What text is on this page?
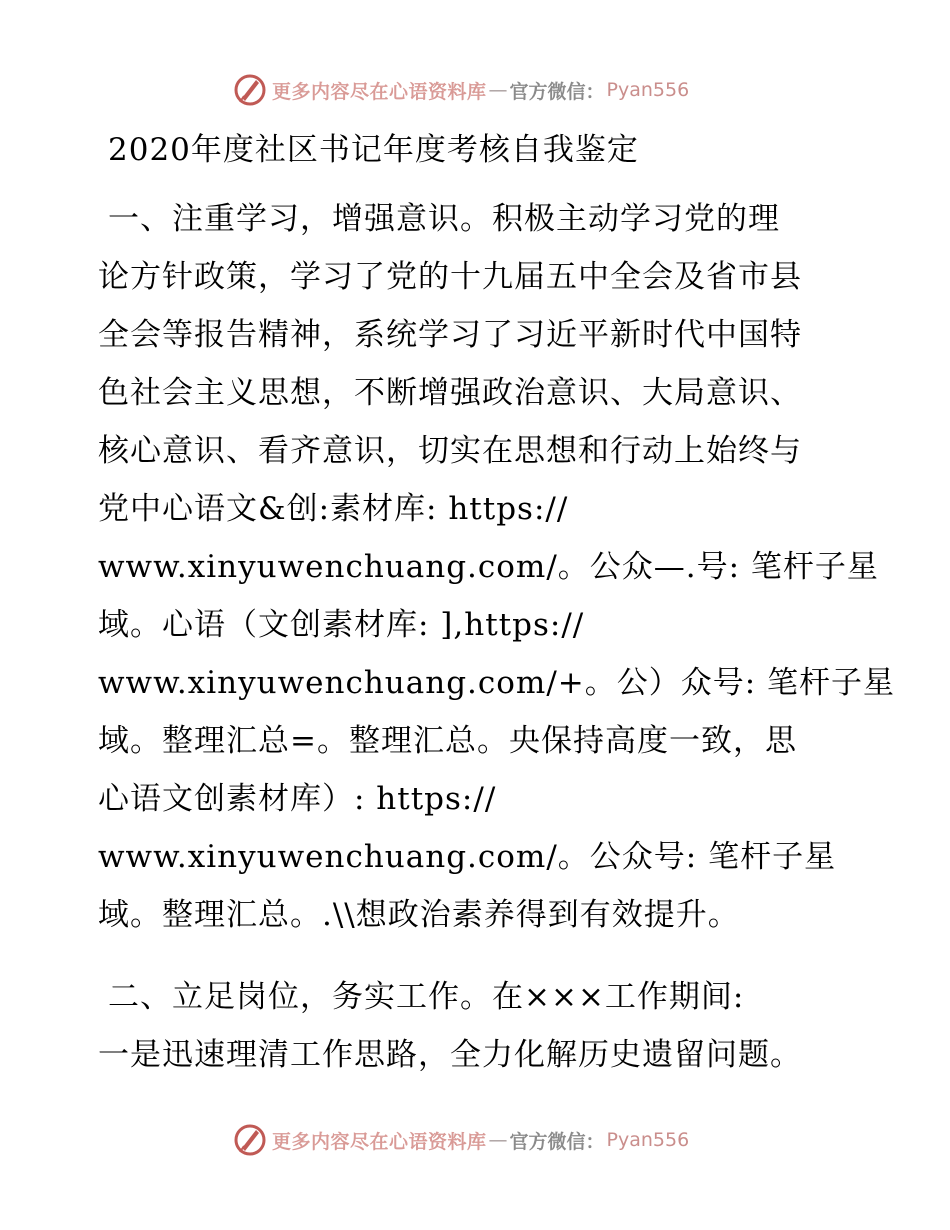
更多内容尽在心语资料库 — 官方微信： Pyan556
2020年度社区书记年度考核自我鉴定
一、注重学习，增强意识。积极主动学习党的理
论方针政策，学习了党的十九届五中全会及省市县
全会等报告精神，系统学习了习近平新时代中国特
色社会主义思想，不断增强政治意识、大局意识、
核心意识、看齐意识，切实在思想和行动上始终与
党中心语文&创:素材库: https://
www.xinyuwenchuang.com/。公众—.号: 笔杆子星
域。心语（文创素材库: ],https://
www.xinyuwenchuang.com/+。公）众号: 笔杆子星
域。整理汇总=。整理汇总。央保持高度一致，思
心语文创素材库）: https://
www.xinyuwenchuang.com/。公众号: 笔杆子星
域。整理汇总。.\\想政治素养得到有效提升。
二、立足岗位，务实工作。在×××工作期间:
一是迅速理清工作思路，全力化解历史遗留问题。
更多内容尽在心语资料库 — 官方微信： Pyan556
